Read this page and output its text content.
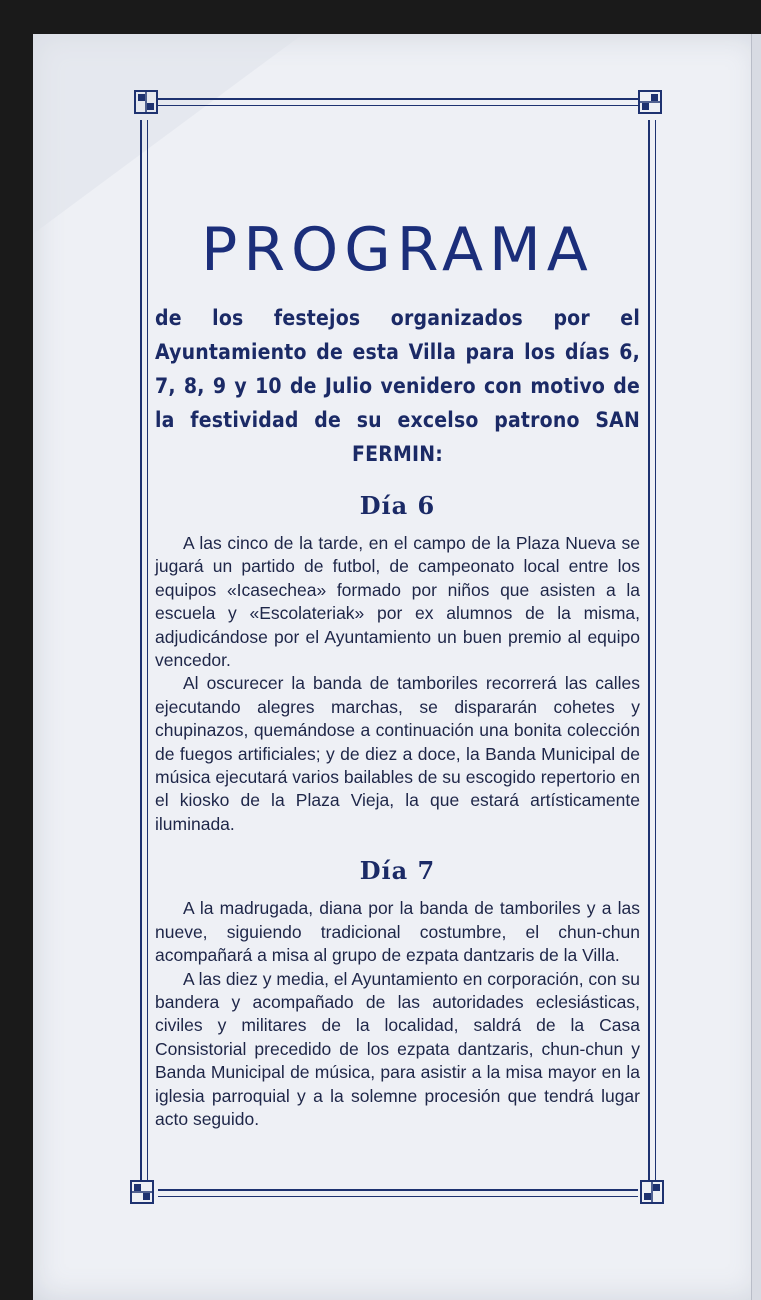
PROGRAMA

de los festejos organizados por el Ayuntamiento de esta Villa para los días 6, 7, 8, 9 y 10 de Julio venidero con motivo de la festividad de su excelso patrono SAN FERMIN:

Día 6

A las cinco de la tarde, en el campo de la Plaza Nueva se jugará un partido de futbol, de campeonato local entre los equipos «Icasechea» formado por niños que asisten a la escuela y «Escolateriak» por ex alumnos de la misma, adjudicándose por el Ayuntamiento un buen premio al equipo vencedor.

Al oscurecer la banda de tamboriles recorrerá las calles ejecutando alegres marchas, se dispararán cohetes y chupinazos, quemándose a continuación una bonita colección de fuegos artificiales; y de diez a doce, la Banda Municipal de música ejecutará varios bailables de su escogido repertorio en el kiosko de la Plaza Vieja, la que estará artísticamente iluminada.

Día 7

A la madrugada, diana por la banda de tamboriles y a las nueve, siguiendo tradicional costumbre, el chun-chun acompañará a misa al grupo de ezpata dantzaris de la Villa.

A las diez y media, el Ayuntamiento en corporación, con su bandera y acompañado de las autoridades eclesiásticas, civiles y militares de la localidad, saldrá de la Casa Consistorial precedido de los ezpata dantzaris, chun-chun y Banda Municipal de música, para asistir a la misa mayor en la iglesia parroquial y a la solemne procesión que tendrá lugar acto seguido.
